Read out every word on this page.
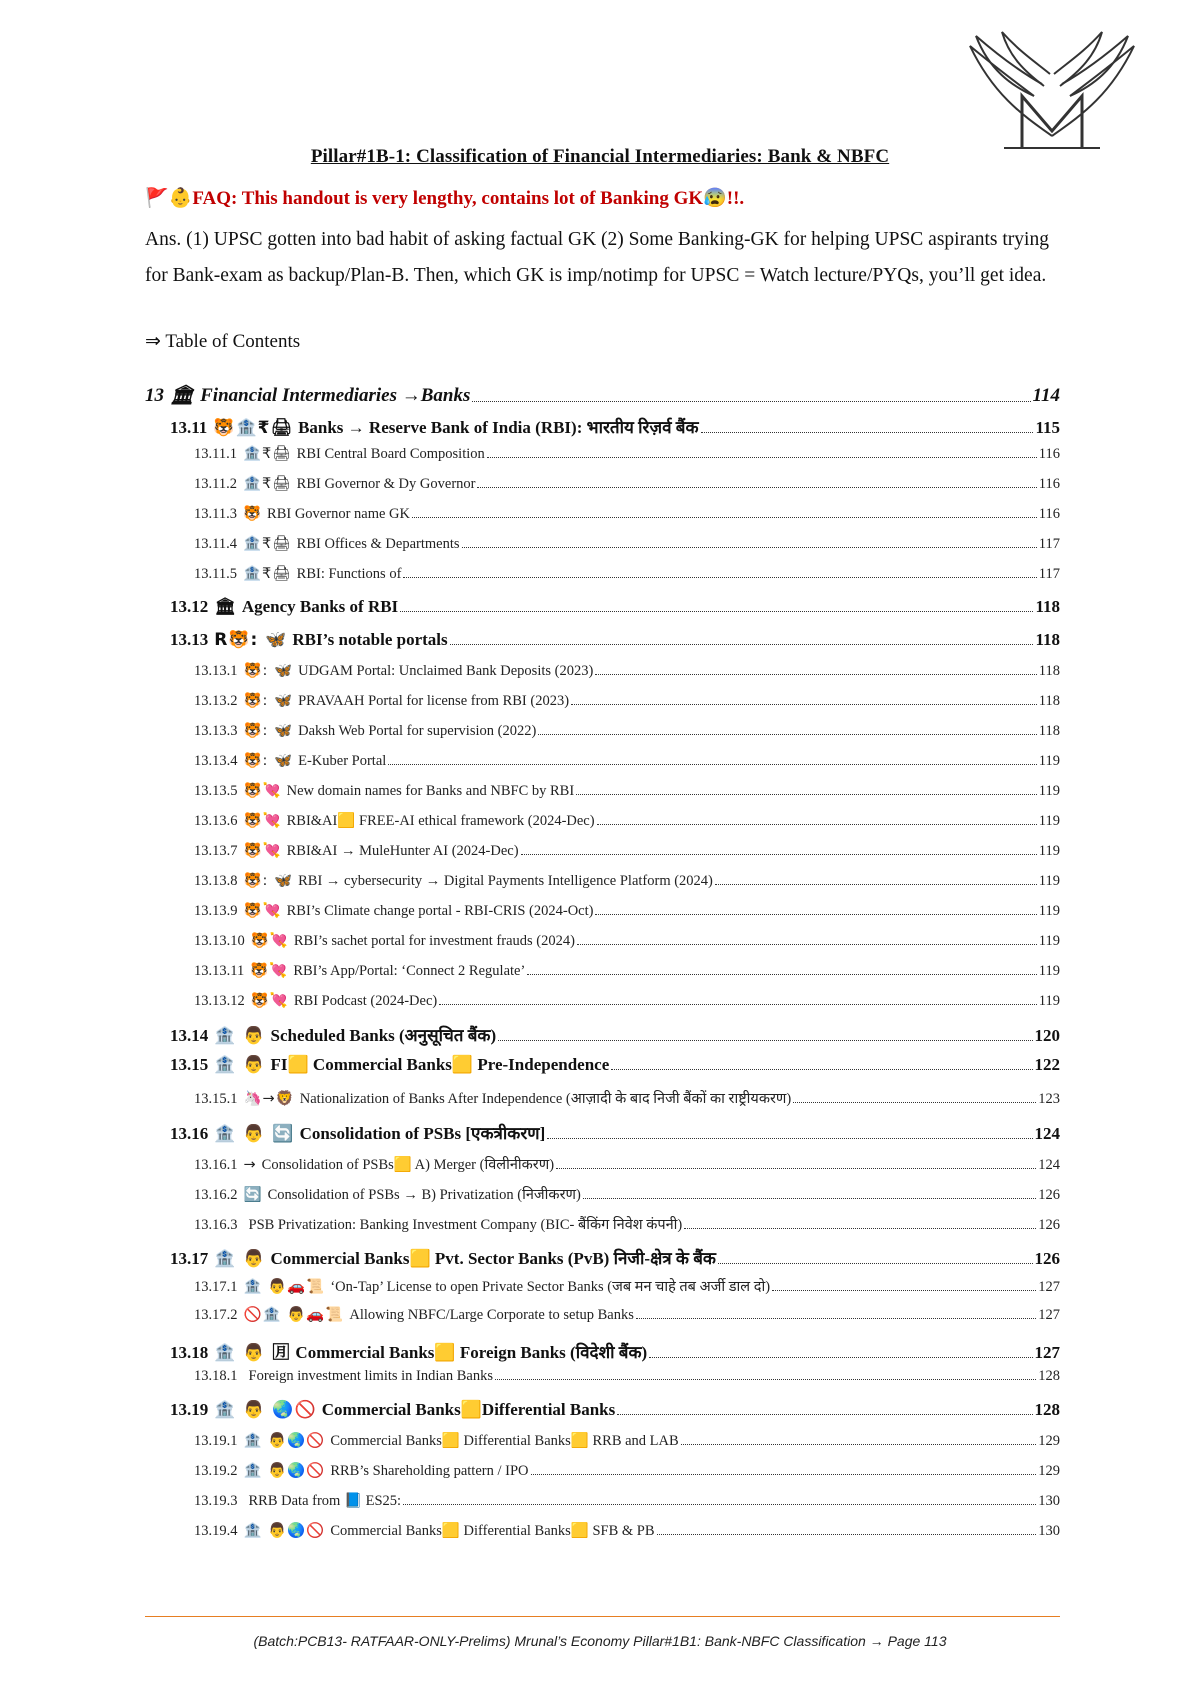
Pillar#1B-1: Classification of Financial Intermediaries: Bank & NBFC
🚩👶FAQ: This handout is very lengthy, contains lot of Banking GK😰!!.
Ans. (1) UPSC gotten into bad habit of asking factual GK (2) Some Banking-GK for helping UPSC aspirants trying for Bank-exam as backup/Plan-B. Then, which GK is imp/notimp for UPSC = Watch lecture/PYQs, you’ll get idea.
⇒ Table of Contents
13 🏛 Financial Intermediaries →Banks	114
13.11 🐯🏦₹🖨 Banks → Reserve Bank of India (RBI): भारतीय रिज़र्व बैंक	115
13.11.1 🏦₹🖨 RBI Central Board Composition	116
13.11.2 🏦₹🖨 RBI Governor & Dy Governor	116
13.11.3 🐯 RBI Governor name GK	116
13.11.4 🏦₹🖨 RBI Offices & Departments	117
13.11.5 🏦₹🖨 RBI: Functions of	117
13.12 🏛 Agency Banks of RBI	118
13.13 R🐯: 🦋 RBI’s notable portals	118
13.13.1 🐯: 🦋 UDGAM Portal: Unclaimed Bank Deposits (2023)	118
13.13.2 🐯: 🦋 PRAVAAH Portal for license from RBI (2023)	118
13.13.3 🐯: 🦋 Daksh Web Portal for supervision (2022)	118
13.13.4 🐯: 🦋 E-Kuber Portal	119
13.13.5 🐯💘 New domain names for Banks and NBFC by RBI	119
13.13.6 🐯💘 RBI&AI🟨 FREE-AI ethical framework (2024-Dec)	119
13.13.7 🐯💘 RBI&AI → MuleHunter AI (2024-Dec)	119
13.13.8 🐯: 🦋 RBI → cybersecurity → Digital Payments Intelligence Platform (2024)	119
13.13.9 🐯💘 RBI’s Climate change portal - RBI-CRIS (2024-Oct)	119
13.13.10 🐯💘 RBI’s sachet portal for investment frauds (2024)	119
13.13.11 🐯💘 RBI’s App/Portal: ‘Connect 2 Regulate’	119
13.13.12 🐯💘 RBI Podcast (2024-Dec)	119
13.14 🏦 👨 Scheduled Banks (अनुसूचित बैंक)	120
13.15 🏦 👨 FI🟨 Commercial Banks🟨 Pre-Independence	122
13.15.1 🦄→🦁 Nationalization of Banks After Independence (आज़ादी के बाद निजी बैंकों का राष्ट्रीयकरण)	123
13.16 🏦 👨 🔄 Consolidation of PSBs [एकत्रीकरण]	124
13.16.1 → Consolidation of PSBs🟨 A) Merger (विलीनीकरण)	124
13.16.2 🔄 Consolidation of PSBs → B) Privatization (निजीकरण)	126
13.16.3 PSB Privatization: Banking Investment Company (BIC- बैंकिंग निवेश कंपनी)	126
13.17 🏦 👨 Commercial Banks🟨 Pvt. Sector Banks (PvB) निजी-क्षेत्र के बैंक	126
13.17.1 🏦 👨🚗📜 ‘On-Tap’ License to open Private Sector Banks (जब मन चाहे तब अर्जी डाल दो)	127
13.17.2 🚫🏦 👨🚗📜 Allowing NBFC/Large Corporate to setup Banks	127
13.18 🏦 👨 🈷 Commercial Banks🟨 Foreign Banks (विदेशी बैंक)	127
13.18.1 Foreign investment limits in Indian Banks	128
13.19 🏦 👨 🌏🚫 Commercial Banks🟨Differential Banks	128
13.19.1 🏦 👨🌏🚫 Commercial Banks🟨 Differential Banks🟨 RRB and LAB	129
13.19.2 🏦 👨🌏🚫 RRB’s Shareholding pattern / IPO	129
13.19.3 RRB Data from 📘 ES25:	130
13.19.4 🏦 👨🌏🚫 Commercial Banks🟨 Differential Banks🟨 SFB & PB	130
(Batch:PCB13- RATFAAR-ONLY-Prelims) Mrunal’s Economy Pillar#1B1: Bank-NBFC Classification → Page 113
